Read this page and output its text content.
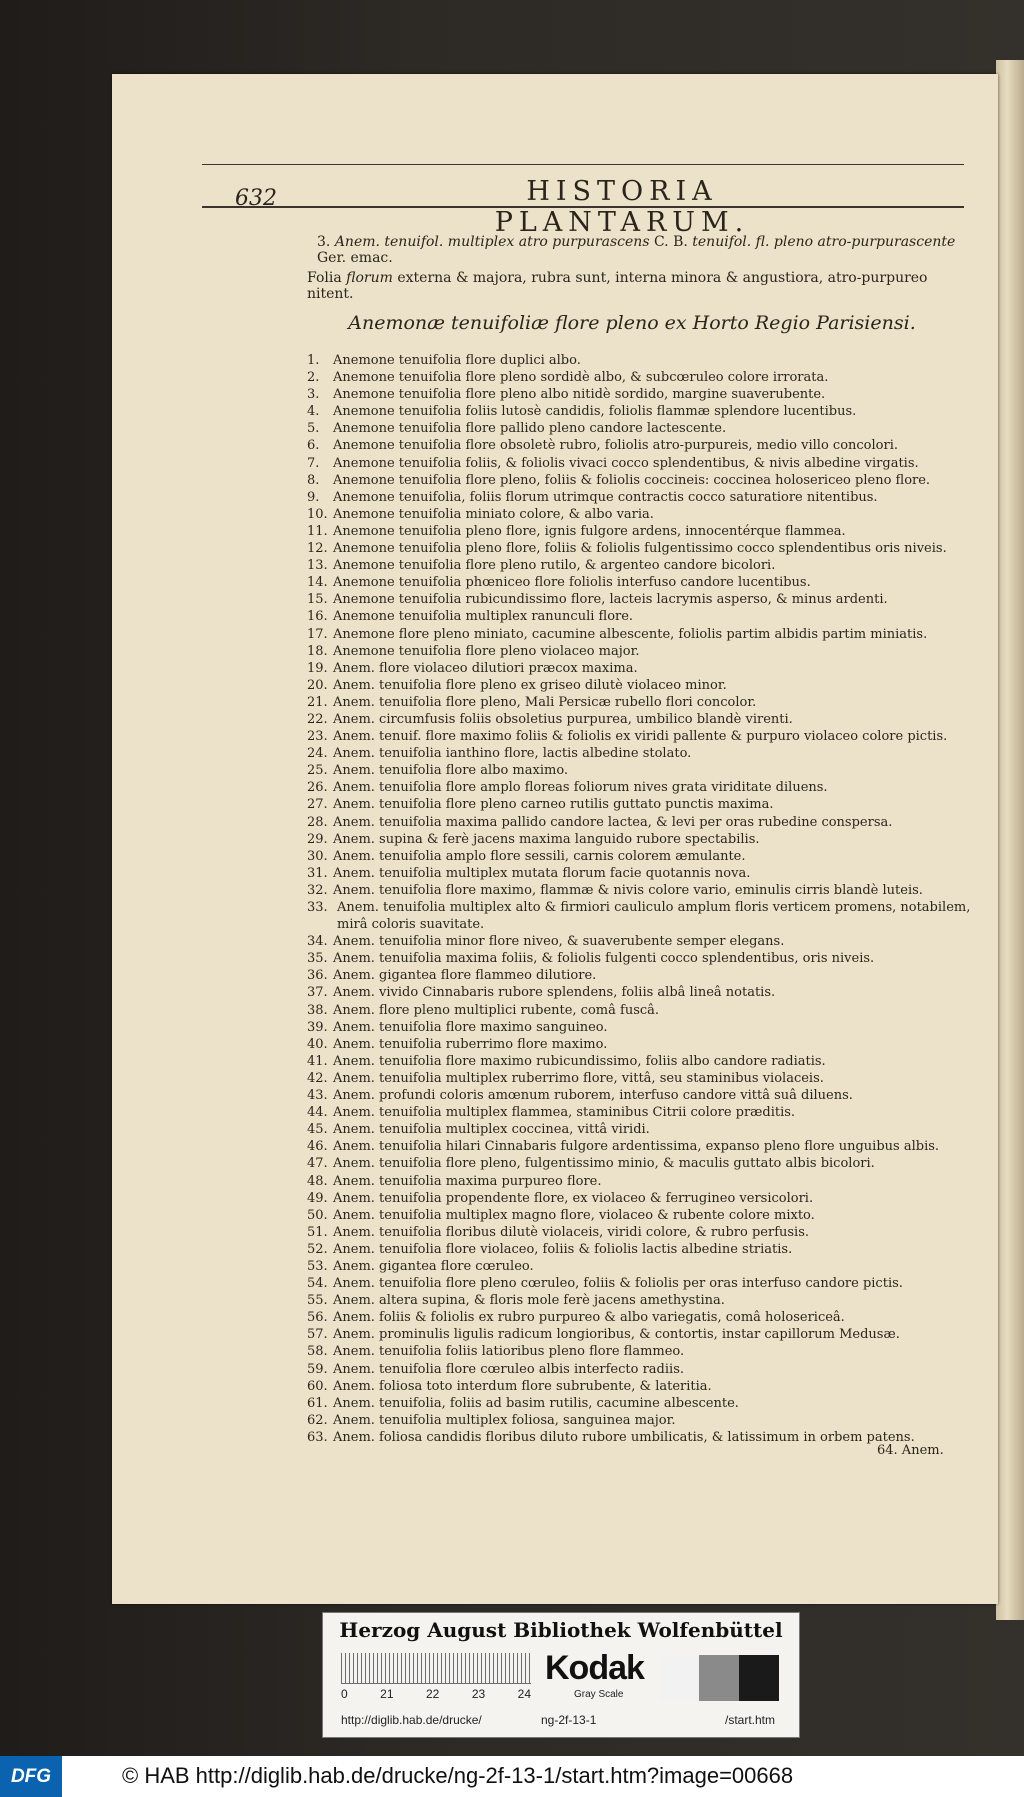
632	HISTORIA PLANTARUM.
3. Anem. tenuifol. multiplex atro purpurascens C. B. tenuifol. fl. pleno atro-purpurascente Ger. emac.
Folia florum externa & majora, rubra sunt, interna minora & angustiora, atro-purpureo nitent.
Anemonæ tenuifoliæ flore pleno ex Horto Regio Parisiensi.
1.	Anemone tenuifolia flore duplici albo.
2.	Anemone tenuifolia flore pleno sordidè albo, & subcœruleo colore irrorata.
3.	Anemone tenuifolia flore pleno albo nitidè sordido, margine suaverubente.
4.	Anemone tenuifolia foliis lutosè candidis, foliolis flammæ splendore lucentibus.
5.	Anemone tenuifolia flore pallido pleno candore lactescente.
6.	Anemone tenuifolia flore obsoletè rubro, foliolis atro-purpureis, medio villo concolori.
7.	Anemone tenuifolia foliis, & foliolis vivaci cocco splendentibus, & nivis albedine virgatis.
8.	Anemone tenuifolia flore pleno, foliis & foliolis coccineis: coccinea holosericeo pleno flore.
9.	Anemone tenuifolia, foliis florum utrimque contractis cocco saturatiore nitentibus.
10. Anemone tenuifolia miniato colore, & albo varia.
11. Anemone tenuifolia pleno flore, ignis fulgore ardens, innocentérque flammea.
12. Anemone tenuifolia pleno flore, foliis & foliolis fulgentissimo cocco splendentibus oris niveis.
13. Anemone tenuifolia flore pleno rutilo, & argenteo candore bicolori.
14. Anemone tenuifolia phœniceo flore foliolis interfuso candore lucentibus.
15. Anemone tenuifolia rubicundissimo flore, lacteis lacrymis asperso, & minus ardenti.
16. Anemone tenuifolia multiplex ranunculi flore.
17. Anemone flore pleno miniato, cacumine albescente, foliolis partim albidis partim miniatis.
18. Anemone tenuifolia flore pleno violaceo major.
19. Anem. flore violaceo dilutiori præcox maxima.
20. Anem. tenuifolia flore pleno ex griseo dilutè violaceo minor.
21. Anem. tenuifolia flore pleno, Mali Persicæ rubello flori concolor.
22. Anem. circumfusis foliis obsoletius purpurea, umbilico blandè virenti.
23. Anem. tenuif. flore maximo foliis & foliolis ex viridi pallente & purpuro violaceo colore pictis.
24. Anem. tenuifolia ianthino flore, lactis albedine stolato.
25. Anem. tenuifolia flore albo maximo.
26. Anem. tenuifolia flore amplo floreas foliorum nives grata viriditate diluens.
27. Anem. tenuifolia flore pleno carneo rutilis guttato punctis maxima.
28. Anem. tenuifolia maxima pallido candore lactea, & levi per oras rubedine conspersa.
29. Anem. supina & ferè jacens maxima languido rubore spectabilis.
30. Anem. tenuifolia amplo flore sessili, carnis colorem æmulante.
31. Anem. tenuifolia multiplex mutata florum facie quotannis nova.
32. Anem. tenuifolia flore maximo, flammæ & nivis colore vario, eminulis cirris blandè luteis.
33. Anem. tenuifolia multiplex alto & firmiori cauliculo amplum floris verticem promens, notabilem, mirâ coloris suavitate.
34. Anem. tenuifolia minor flore niveo, & suaverubente semper elegans.
35. Anem. tenuifolia maxima foliis, & foliolis fulgenti cocco splendentibus, oris niveis.
36. Anem. gigantea flore flammeo dilutiore.
37. Anem. vivido Cinnabaris rubore splendens, foliis albâ lineâ notatis.
38. Anem. flore pleno multiplici rubente, comâ fuscâ.
39. Anem. tenuifolia flore maximo sanguineo.
40. Anem. tenuifolia ruberrimo flore maximo.
41. Anem. tenuifolia flore maximo rubicundissimo, foliis albo candore radiatis.
42. Anem. tenuifolia multiplex ruberrimo flore, vittâ, seu staminibus violaceis.
43. Anem. profundi coloris amœnum ruborem, interfuso candore vittâ suâ diluens.
44. Anem. tenuifolia multiplex flammea, staminibus Citrii colore præditis.
45. Anem. tenuifolia multiplex coccinea, vittâ viridi.
46. Anem. tenuifolia hilari Cinnabaris fulgore ardentissima, expanso pleno flore unguibus albis.
47. Anem. tenuifolia flore pleno, fulgentissimo minio, & maculis guttato albis bicolori.
48. Anem. tenuifolia maxima purpureo flore.
49. Anem. tenuifolia propendente flore, ex violaceo & ferrugineo versicolori.
50. Anem. tenuifolia multiplex magno flore, violaceo & rubente colore mixto.
51. Anem. tenuifolia floribus dilutè violaceis, viridi colore, & rubro perfusis.
52. Anem. tenuifolia flore violaceo, foliis & foliolis lactis albedine striatis.
53. Anem. gigantea flore cœruleo.
54. Anem. tenuifolia flore pleno cœruleo, foliis & foliolis per oras interfuso candore pictis.
55. Anem. altera supina, & floris mole ferè jacens amethystina.
56. Anem. foliis & foliolis ex rubro purpureo & albo variegatis, comâ holosericeâ.
57. Anem. prominulis ligulis radicum longioribus, & contortis, instar capillorum Medusæ.
58. Anem. tenuifolia foliis latioribus pleno flore flammeo.
59. Anem. tenuifolia flore cœruleo albis interfecto radiis.
60. Anem. foliosa toto interdum flore subrubente, & lateritia.
61. Anem. tenuifolia, foliis ad basim rutilis, cacumine albescente.
62. Anem. tenuifolia multiplex foliosa, sanguinea major.
63. Anem. foliosa candidis floribus diluto rubore umbilicatis, & latissimum in orbem patens.
64. Anem.
Herzog August Bibliothek Wolfenbüttel
0	21	22	23	24
Kodak
Gray Scale
http://diglib.hab.de/drucke/	ng-2f-13-1	/start.htm
DFG	© HAB http://diglib.hab.de/drucke/ng-2f-13-1/start.htm?image=00668
